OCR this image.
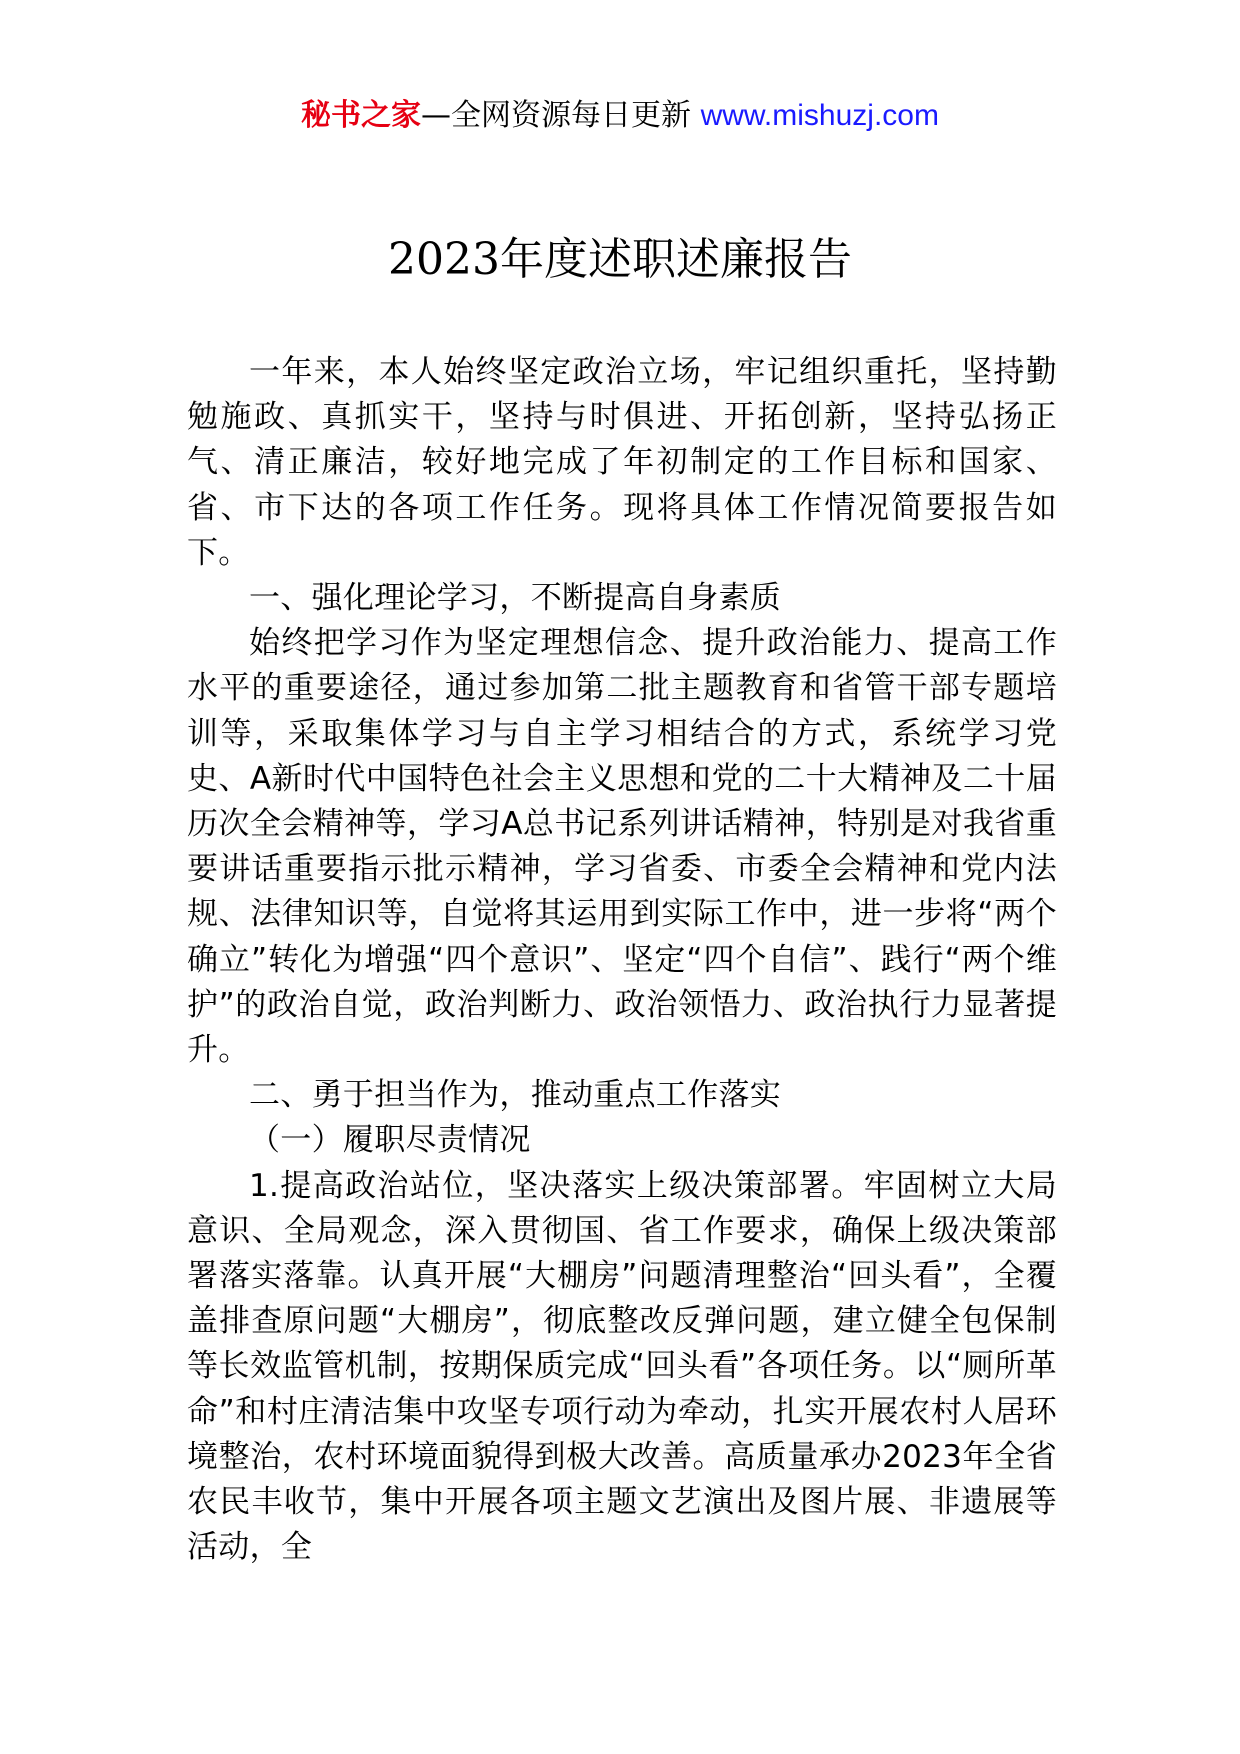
秘书之家—全网资源每日更新 www.mishuzj.com
2023年度述职述廉报告

一年来，本人始终坚定政治立场，牢记组织重托，坚持勤勉施政、真抓实干，坚持与时俱进、开拓创新，坚持弘扬正气、清正廉洁，较好地完成了年初制定的工作目标和国家、省、市下达的各项工作任务。现将具体工作情况简要报告如下。

一、强化理论学习，不断提高自身素质

始终把学习作为坚定理想信念、提升政治能力、提高工作水平的重要途径，通过参加第二批主题教育和省管干部专题培训等，采取集体学习与自主学习相结合的方式，系统学习党史、A新时代中国特色社会主义思想和党的二十大精神及二十届历次全会精神等，学习A总书记系列讲话精神，特别是对我省重要讲话重要指示批示精神，学习省委、市委全会精神和党内法规、法律知识等，自觉将其运用到实际工作中，进一步将“两个确立”转化为增强“四个意识”、坚定“四个自信”、践行“两个维护”的政治自觉，政治判断力、政治领悟力、政治执行力显著提升。

二、勇于担当作为，推动重点工作落实

（一）履职尽责情况

1.提高政治站位，坚决落实上级决策部署。牢固树立大局意识、全局观念，深入贯彻国、省工作要求，确保上级决策部署落实落靠。认真开展“大棚房”问题清理整治“回头看”，全覆盖排查原问题“大棚房”，彻底整改反弹问题，建立健全包保制等长效监管机制，按期保质完成“回头看”各项任务。以“厕所革命”和村庄清洁集中攻坚专项行动为牵动，扎实开展农村人居环境整治，农村环境面貌得到极大改善。高质量承办2023年全省农民丰收节，集中开展各项主题文艺演出及图片展、非遗展等活动，全
